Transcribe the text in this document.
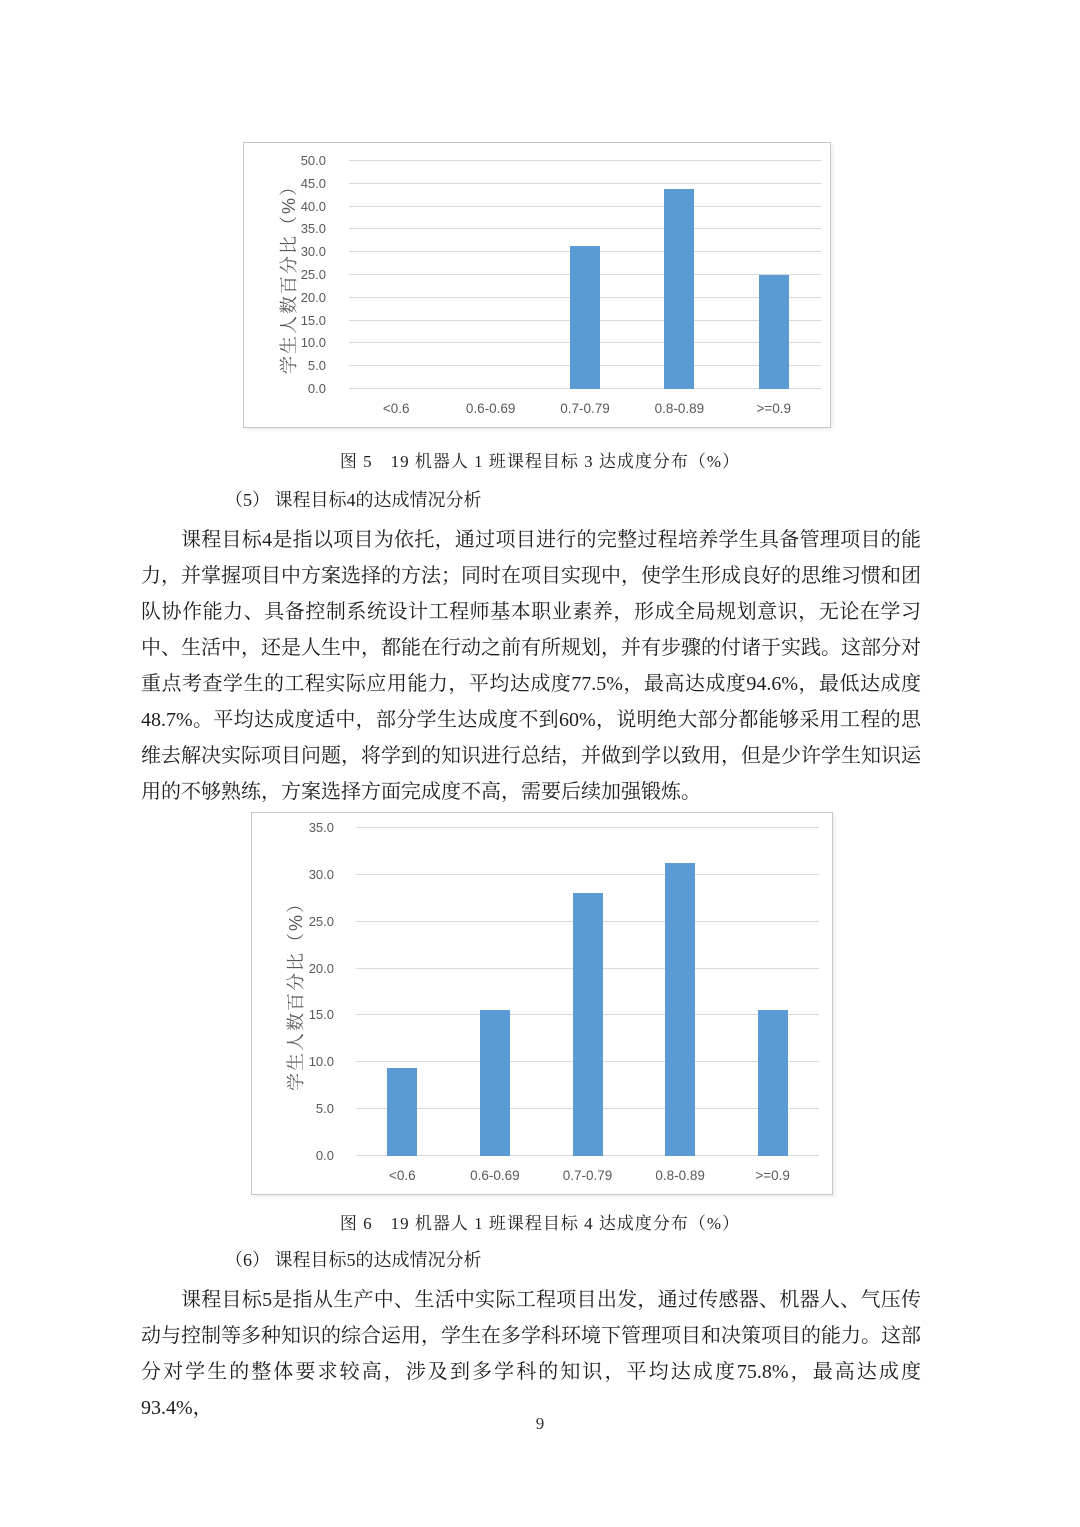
学生人数百分比（%）
0.0
5.0
10.0
15.0
20.0
25.0
30.0
35.0
40.0
45.0
50.0
<0.6	0.6-0.69	0.7-0.79	0.8-0.89	>=0.9
图 5　19 机器人 1 班课程目标 3 达成度分布（%）
（5） 课程目标4的达成情况分析
课程目标4是指以项目为依托，通过项目进行的完整过程培养学生具备管理项目的能力，并掌握项目中方案选择的方法；同时在项目实现中，使学生形成良好的思维习惯和团队协作能力、具备控制系统设计工程师基本职业素养，形成全局规划意识，无论在学习中、生活中，还是人生中，都能在行动之前有所规划，并有步骤的付诸于实践。这部分对重点考查学生的工程实际应用能力，平均达成度77.5%，最高达成度94.6%，最低达成度48.7%。平均达成度适中，部分学生达成度不到60%，说明绝大部分都能够采用工程的思维去解决实际项目问题，将学到的知识进行总结，并做到学以致用，但是少许学生知识运用的不够熟练，方案选择方面完成度不高，需要后续加强锻炼。
学生人数百分比（%）
0.0
5.0
10.0
15.0
20.0
25.0
30.0
35.0
<0.6	0.6-0.69	0.7-0.79	0.8-0.89	>=0.9
图 6　19 机器人 1 班课程目标 4 达成度分布（%）
（6） 课程目标5的达成情况分析
课程目标5是指从生产中、生活中实际工程项目出发，通过传感器、机器人、气压传动与控制等多种知识的综合运用，学生在多学科环境下管理项目和决策项目的能力。这部分对学生的整体要求较高，涉及到多学科的知识，平均达成度75.8%，最高达成度93.4%，
9
